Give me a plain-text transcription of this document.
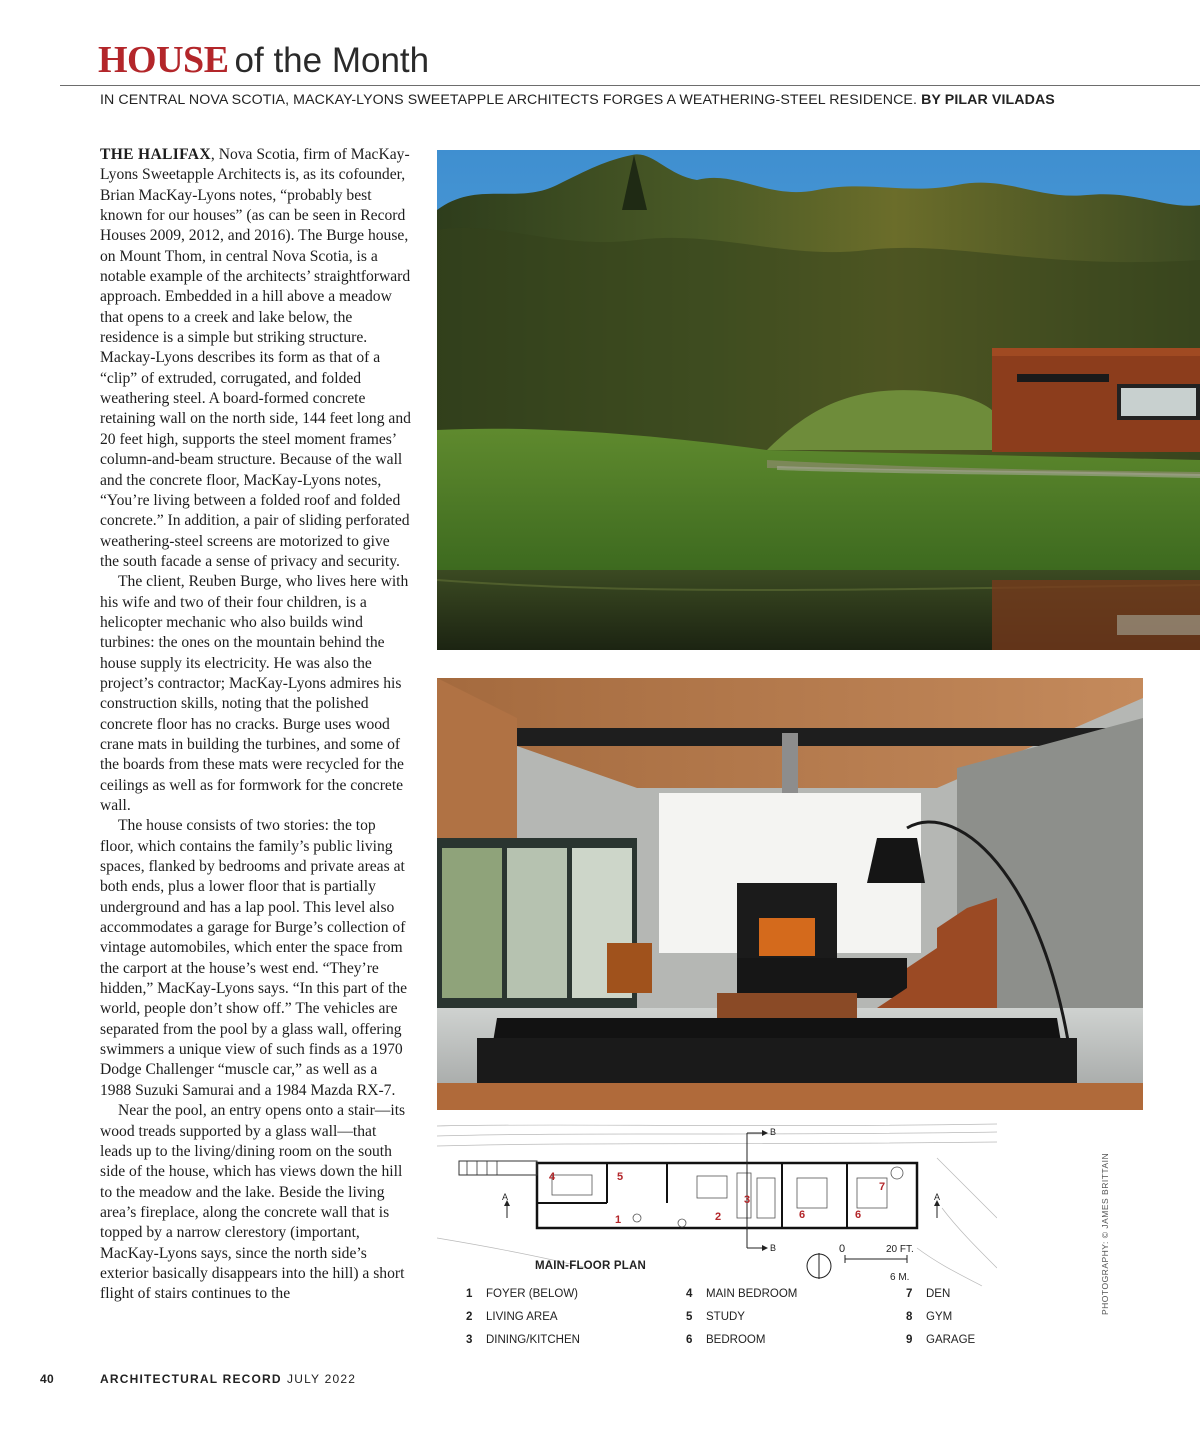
HOUSE of the Month
IN CENTRAL NOVA SCOTIA, MACKAY-LYONS SWEETAPPLE ARCHITECTS FORGES A WEATHERING-STEEL RESIDENCE. BY PILAR VILADAS

THE HALIFAX, Nova Scotia, firm of MacKay-Lyons Sweetapple Architects is, as its cofounder, Brian MacKay-Lyons notes, “probably best known for our houses” (as can be seen in Record Houses 2009, 2012, and 2016). The Burge house, on Mount Thom, in central Nova Scotia, is a notable example of the architects’ straightforward approach. Embedded in a hill above a meadow that opens to a creek and lake below, the residence is a simple but striking structure. Mackay-Lyons describes its form as that of a “clip” of extruded, corrugated, and folded weathering steel. A board-formed concrete retaining wall on the north side, 144 feet long and 20 feet high, supports the steel moment frames’ column-and-beam structure. Because of the wall and the concrete floor, MacKay-Lyons notes, “You’re living between a folded roof and folded concrete.” In addition, a pair of sliding perforated weathering-steel screens are motorized to give the south facade a sense of privacy and security.

The client, Reuben Burge, who lives here with his wife and two of their four children, is a helicopter mechanic who also builds wind turbines: the ones on the mountain behind the house supply its electricity. He was also the project’s contractor; MacKay-Lyons admires his construction skills, noting that the polished concrete floor has no cracks. Burge uses wood crane mats in building the turbines, and some of the boards from these mats were recycled for the ceilings as well as for formwork for the concrete wall.

The house consists of two stories: the top floor, which contains the family’s public living spaces, flanked by bedrooms and private areas at both ends, plus a lower floor that is partially underground and has a lap pool. This level also accommodates a garage for Burge’s collection of vintage automobiles, which enter the space from the carport at the house’s west end. “They’re hidden,” MacKay-Lyons says. “In this part of the world, people don’t show off.” The vehicles are separated from the pool by a glass wall, offering swimmers a unique view of such finds as a 1970 Dodge Challenger “muscle car,” as well as a 1988 Suzuki Samurai and a 1984 Mazda RX-7.

Near the pool, an entry opens onto a stair—its wood treads supported by a glass wall—that leads up to the living/dining room on the south side of the house, which has views down the hill to the meadow and the lake. Beside the living area’s fireplace, along the concrete wall that is topped by a narrow clerestory (important, MacKay-Lyons says, since the north side’s exterior basically disappears into the hill) a short flight of stairs continues to the

B
B
A	A
4	5
1	2
3
6	6
7
0	20 FT.
6 M.
MAIN-FLOOR PLAN
1 FOYER (BELOW)
2 LIVING AREA
3 DINING/KITCHEN
4 MAIN BEDROOM
5 STUDY
6 BEDROOM
7 DEN
8 GYM
9 GARAGE
PHOTOGRAPHY: © JAMES BRITTAIN
40	ARCHITECTURAL RECORD JULY 2022
